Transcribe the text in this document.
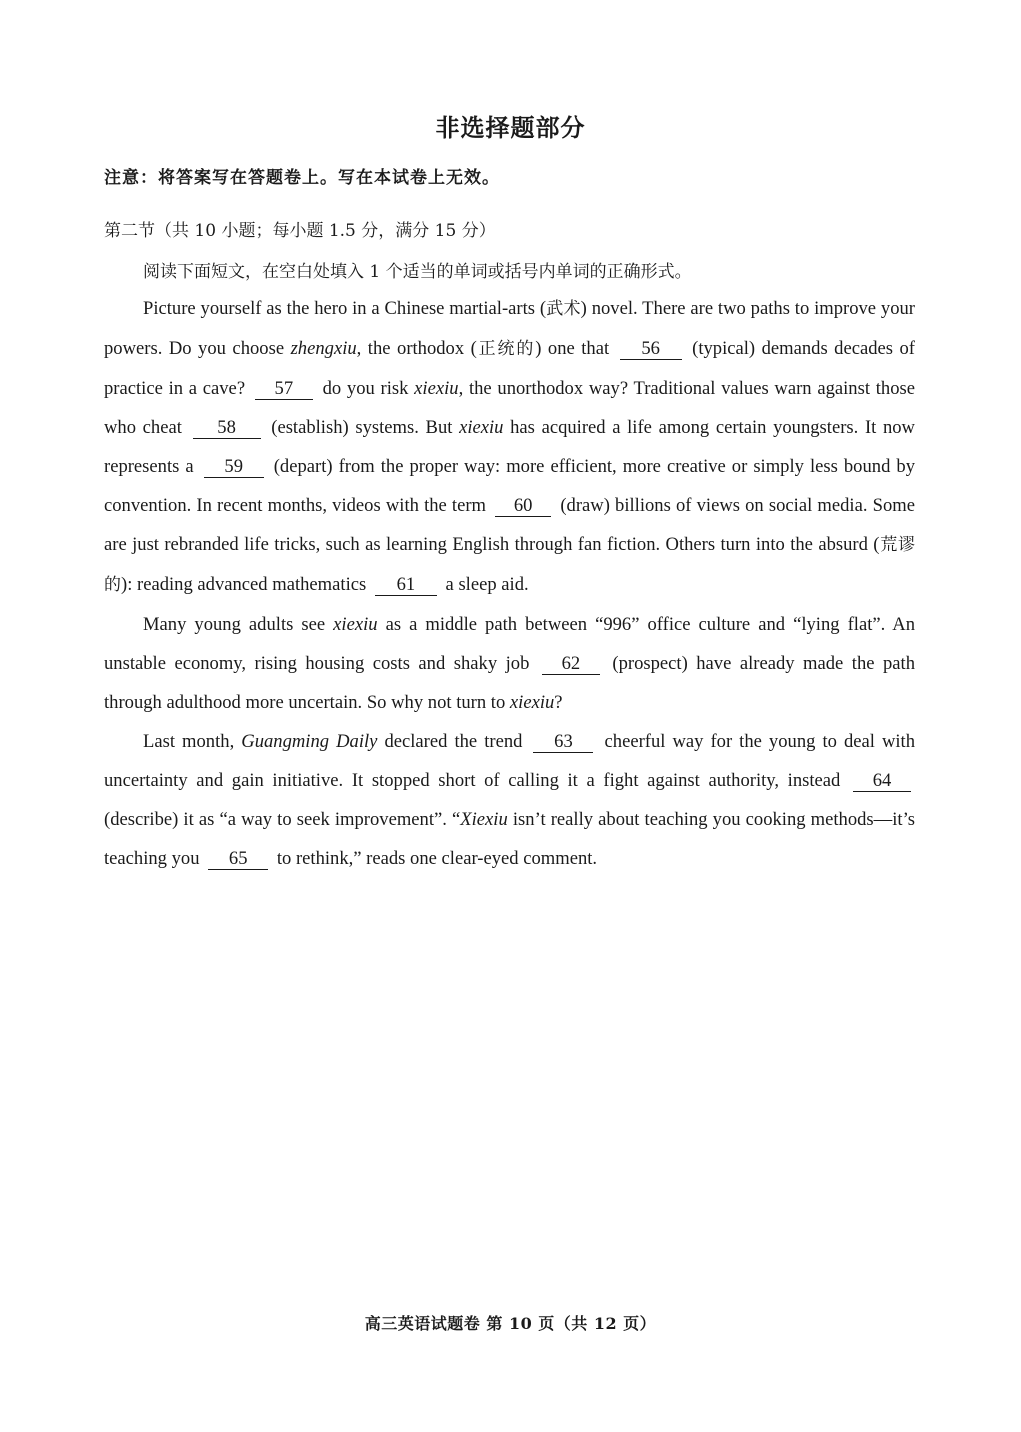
非选择题部分
注意：将答案写在答题卷上。写在本试卷上无效。
第二节（共 10 小题；每小题 1.5 分，满分 15 分）
阅读下面短文，在空白处填入 1 个适当的单词或括号内单词的正确形式。

Picture yourself as the hero in a Chinese martial-arts (武术) novel. There are two paths to improve your powers. Do you choose zhengxiu, the orthodox (正统的) one that 56 (typical) demands decades of practice in a cave? 57 do you risk xiexiu, the unorthodox way? Traditional values warn against those who cheat 58 (establish) systems. But xiexiu has acquired a life among certain youngsters. It now represents a 59 (depart) from the proper way: more efficient, more creative or simply less bound by convention. In recent months, videos with the term 60 (draw) billions of views on social media. Some are just rebranded life tricks, such as learning English through fan fiction. Others turn into the absurd (荒谬的): reading advanced mathematics 61 a sleep aid.

Many young adults see xiexiu as a middle path between “996” office culture and “lying flat”. An unstable economy, rising housing costs and shaky job 62 (prospect) have already made the path through adulthood more uncertain. So why not turn to xiexiu?

Last month, Guangming Daily declared the trend 63 cheerful way for the young to deal with uncertainty and gain initiative. It stopped short of calling it a fight against authority, instead 64 (describe) it as “a way to seek improvement”. “Xiexiu isn’t really about teaching you cooking methods—it’s teaching you 65 to rethink,” reads one clear-eyed comment.

高三英语试题卷 第 10 页（共 12 页）
